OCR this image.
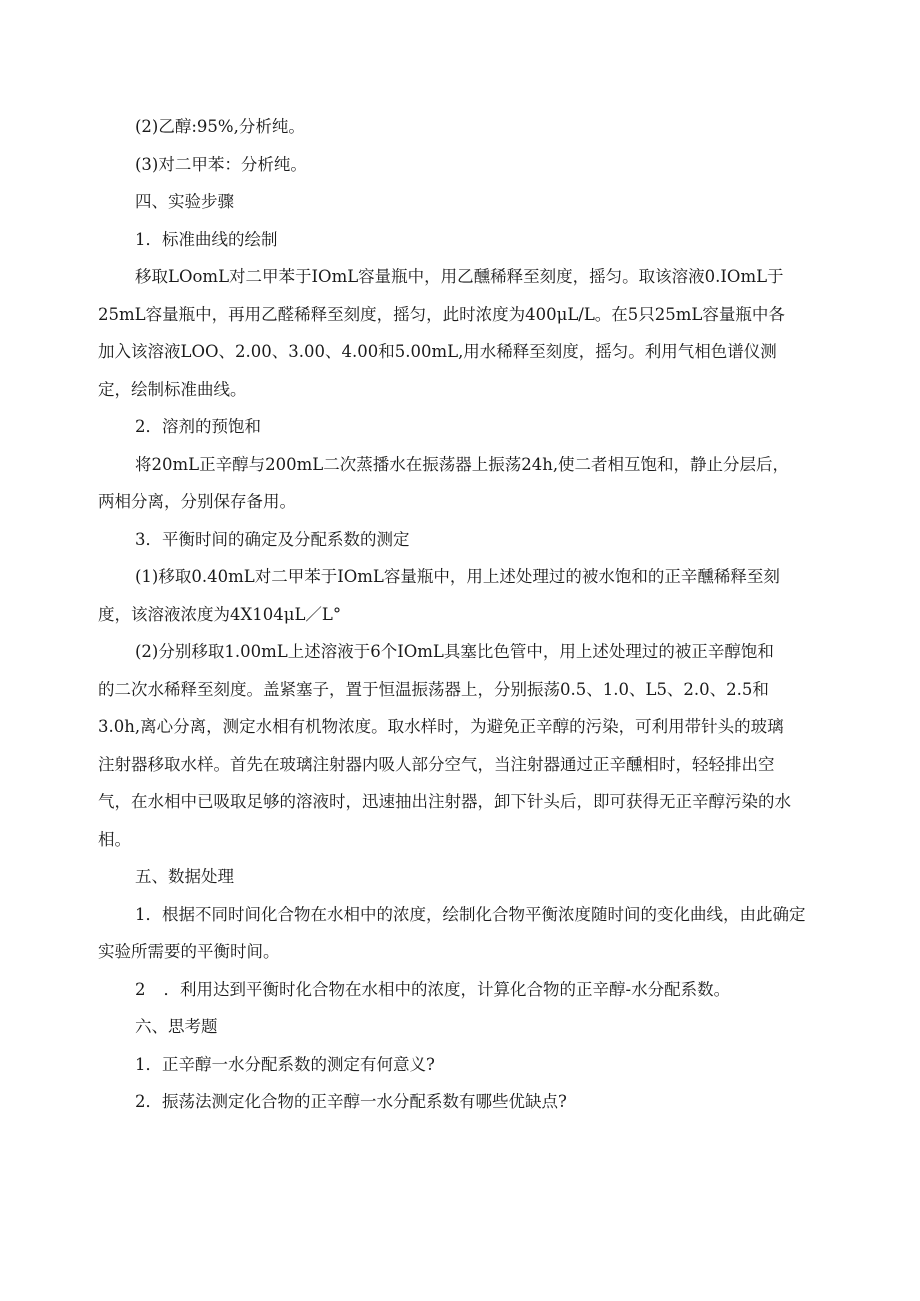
(2)乙醇:95%,分析纯。
(3)对二甲苯：分析纯。
四、实验步骤
1．标准曲线的绘制
移取LOomL对二甲苯于IOmL容量瓶中，用乙醺稀释至刻度，摇匀。取该溶液0.IOmL于
25mL容量瓶中，再用乙醛稀释至刻度，摇匀，此时浓度为400μL/L。在5只25mL容量瓶中各
加入该溶液LOO、2.00、3.00、4.00和5.00mL,用水稀释至刻度，摇匀。利用气相色谱仪测
定，绘制标准曲线。
2．溶剂的预饱和
将20mL正辛醇与200mL二次蒸播水在振荡器上振荡24h,使二者相互饱和，静止分层后，
两相分离，分别保存备用。
3．平衡时间的确定及分配系数的测定
(1)移取0.40mL对二甲苯于IOmL容量瓶中，用上述处理过的被水饱和的正辛醺稀释至刻
度，该溶液浓度为4X104μL／L°
(2)分别移取1.00mL上述溶液于6个IOmL具塞比色管中，用上述处理过的被正辛醇饱和
的二次水稀释至刻度。盖紧塞子，置于恒温振荡器上，分别振荡0.5、1.0、L5、2.0、2.5和
3.0h,离心分离，测定水相有机物浓度。取水样时，为避免正辛醇的污染，可利用带针头的玻璃
注射器移取水样。首先在玻璃注射器内吸人部分空气，当注射器通过正辛醺相时，轻轻排出空
气，在水相中已吸取足够的溶液时，迅速抽出注射器，卸下针头后，即可获得无正辛醇污染的水
相。
五、数据处理
1．根据不同时间化合物在水相中的浓度，绘制化合物平衡浓度随时间的变化曲线，由此确定
实验所需要的平衡时间。
2 ．利用达到平衡时化合物在水相中的浓度，计算化合物的正辛醇-水分配系数。
六、思考题
1．正辛醇一水分配系数的测定有何意义?
2．振荡法测定化合物的正辛醇一水分配系数有哪些优缺点?
